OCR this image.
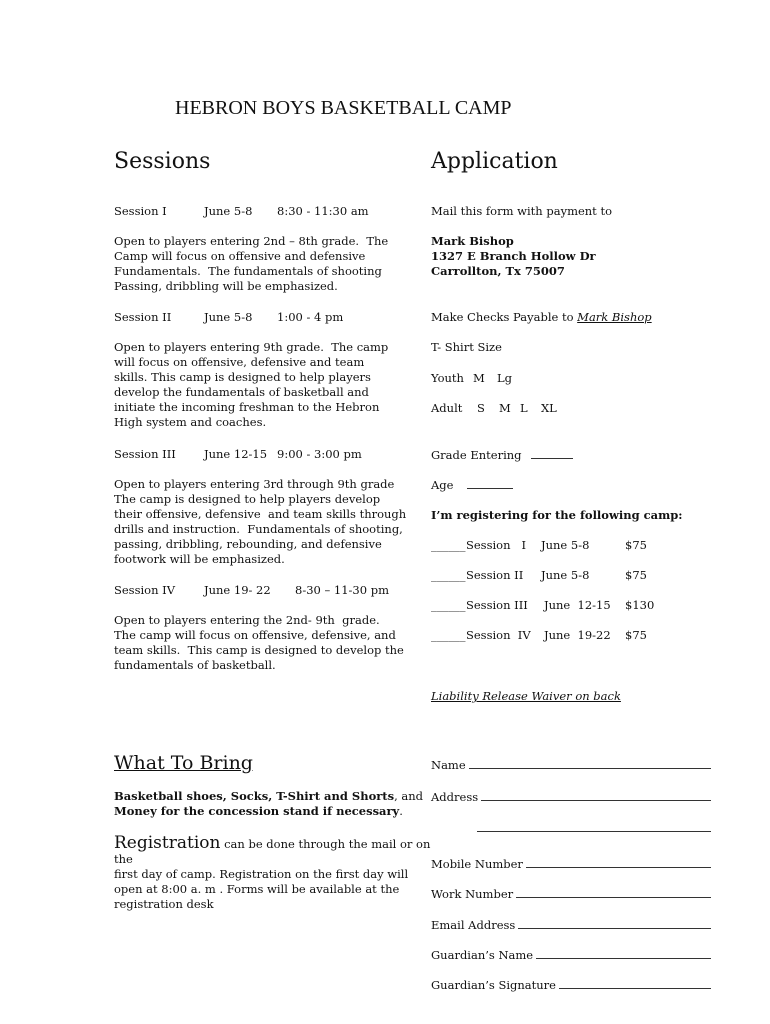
HEBRON BOYS BASKETBALL CAMP
Sessions	Application
Session I	June 5-8 8:30 - 11:30 am
Open to players entering 2nd – 8th grade.  The
Camp will focus on offensive and defensive
Fundamentals.  The fundamentals of shooting
Passing, dribbling will be emphasized.
Session II	June 5-8 1:00 - 4 pm
Open to players entering 9th grade.  The camp
will focus on offensive, defensive and team
skills. This camp is designed to help players
develop the fundamentals of basketball and
initiate the incoming freshman to the Hebron
High system and coaches.
Session III June 12-15 9:00 - 3:00 pm
Open to players entering 3rd through 9th grade
The camp is designed to help players develop
their offensive, defensive  and team skills through
drills and instruction.  Fundamentals of shooting,
passing, dribbling, rebounding, and defensive
footwork will be emphasized.
Session IV	June 19- 22 8-30 – 11-30 pm
Open to players entering the 2nd- 9th  grade.
The camp will focus on offensive, defensive, and
team skills.  This camp is designed to develop the
fundamentals of basketball.
Mail this form with payment to
Mark Bishop
1327 E Branch Hollow Dr
Carrollton, Tx 75007
Make Checks Payable to Mark Bishop
T- Shirt Size
Youth M Lg
Adult S M L XL
Grade Entering
Age
I’m registering for the following camp:
______Session   I June 5-8	$75
______Session II June 5-8	$75
______Session III June  12-15 $130
______Session  IV June  19-22 $75
Liability Release Waiver on back
What To Bring
Basketball shoes, Socks, T-Shirt and Shorts, and
Money for the concession stand if necessary.
Registration can be done through the mail or on the
first day of camp. Registration on the first day will
open at 8:00 a. m . Forms will be available at the
registration desk
Name
Address
Mobile Number
Work Number
Email Address
Guardian’s Name
Guardian’s Signature
